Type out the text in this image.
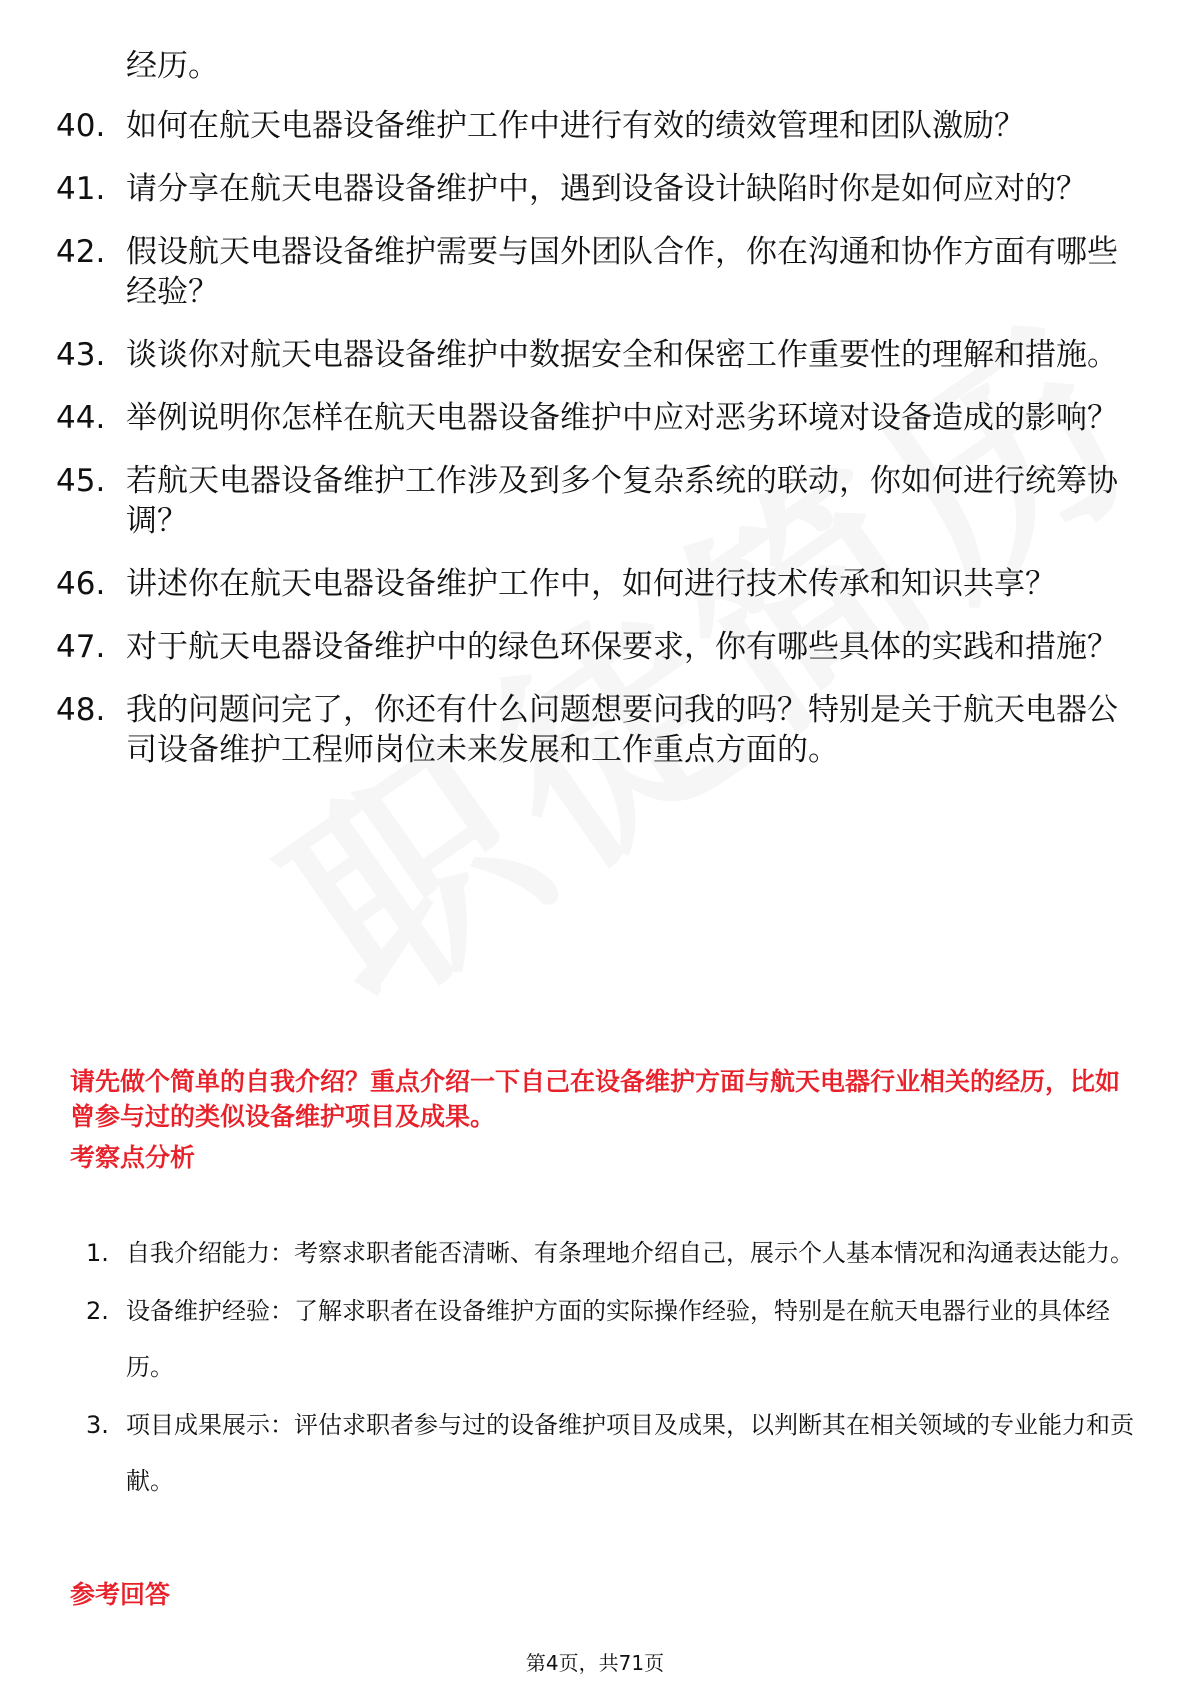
经历。
40. 如何在航天电器设备维护工作中进行有效的绩效管理和团队激励？
41. 请分享在航天电器设备维护中，遇到设备设计缺陷时你是如何应对的？
42. 假设航天电器设备维护需要与国外团队合作，你在沟通和协作方面有哪些经验？
43. 谈谈你对航天电器设备维护中数据安全和保密工作重要性的理解和措施。
44. 举例说明你怎样在航天电器设备维护中应对恶劣环境对设备造成的影响？
45. 若航天电器设备维护工作涉及到多个复杂系统的联动，你如何进行统筹协调？
46. 讲述你在航天电器设备维护工作中，如何进行技术传承和知识共享？
47. 对于航天电器设备维护中的绿色环保要求，你有哪些具体的实践和措施？
48. 我的问题问完了，你还有什么问题想要问我的吗？特别是关于航天电器公司设备维护工程师岗位未来发展和工作重点方面的。
请先做个简单的自我介绍？重点介绍一下自己在设备维护方面与航天电器行业相关的经历，比如曾参与过的类似设备维护项目及成果。
考察点分析
1. 自我介绍能力：考察求职者能否清晰、有条理地介绍自己，展示个人基本情况和沟通表达能力。
2. 设备维护经验：了解求职者在设备维护方面的实际操作经验，特别是在航天电器行业的具体经历。
3. 项目成果展示：评估求职者参与过的设备维护项目及成果，以判断其在相关领域的专业能力和贡献。
参考回答
第4页，共71页
